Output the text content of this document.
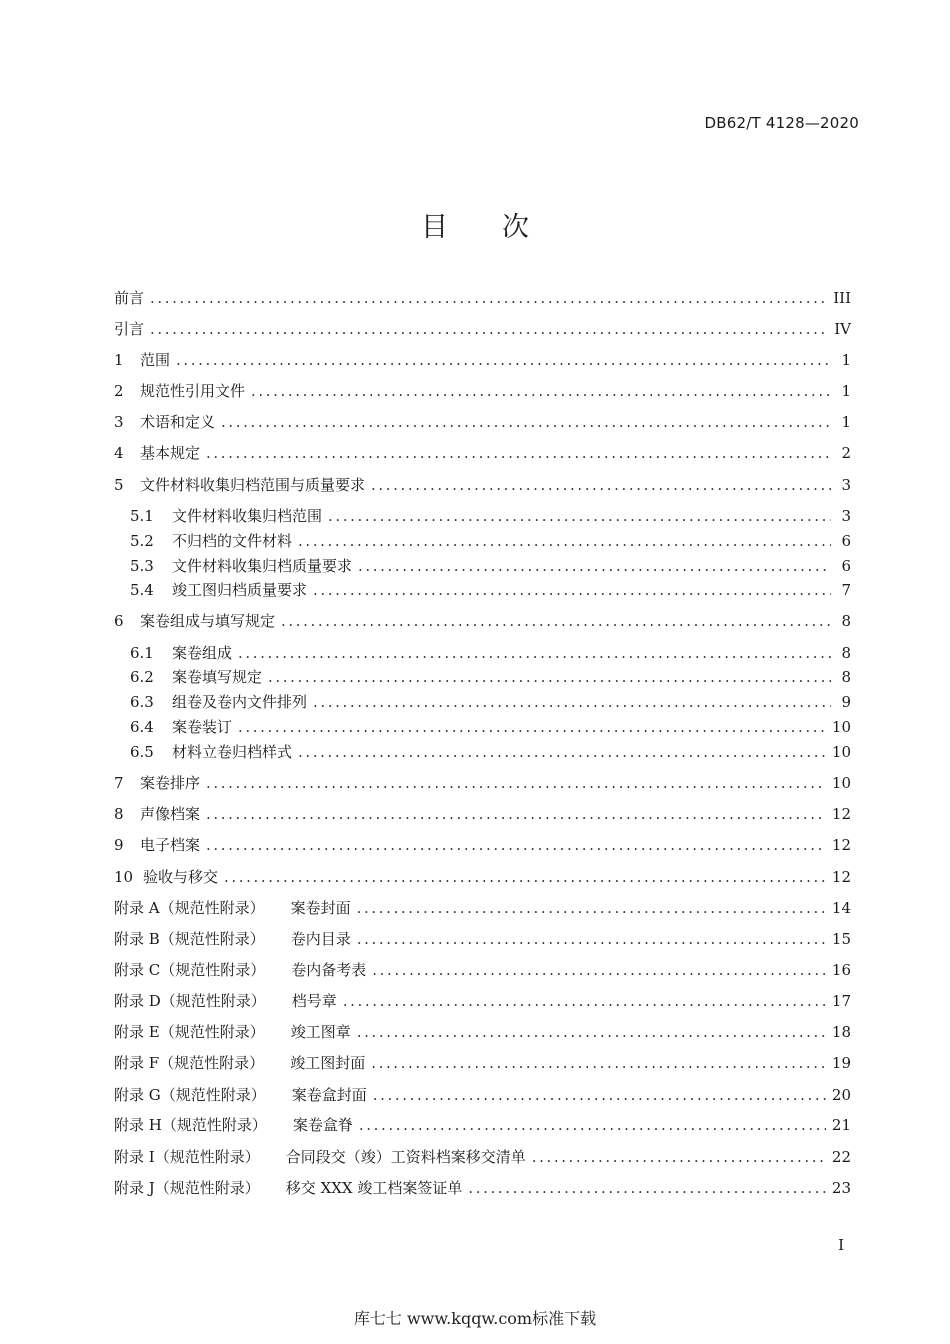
DB62/T 4128—2020
目 次
前言 .....	III
引言 .....	IV
1	范围 .....	1
2	规范性引用文件 .....	1
3	术语和定义 .....	1
4	基本规定 .....	2
5	文件材料收集归档范围与质量要求 .....	3
5.1	文件材料收集归档范围 .....	3
5.2	不归档的文件材料 .....	6
5.3	文件材料收集归档质量要求 .....	6
5.4	竣工图归档质量要求 .....	7
6	案卷组成与填写规定 .....	8
6.1	案卷组成 .....	8
6.2	案卷填写规定 .....	8
6.3	组卷及卷内文件排列 .....	9
6.4	案卷装订 .....	10
6.5	材料立卷归档样式 .....	10
7	案卷排序 .....	10
8	声像档案 .....	12
9	电子档案 .....	12
10 验收与移交 .....	12
附录 A（规范性附录） 案卷封面 .....	14
附录 B（规范性附录） 卷内目录 .....	15
附录 C（规范性附录） 卷内备考表 .....	16
附录 D（规范性附录） 档号章 .....	17
附录 E（规范性附录） 竣工图章 .....	18
附录 F（规范性附录） 竣工图封面 .....	19
附录 G（规范性附录） 案卷盒封面 .....	20
附录 H（规范性附录） 案卷盒脊 .....	21
附录 I（规范性附录） 合同段交（竣）工资料档案移交清单 .....	22
附录 J（规范性附录） 移交 XXX 竣工档案签证单 .....	23
I
库七七 www.kqqw.com标准下载
